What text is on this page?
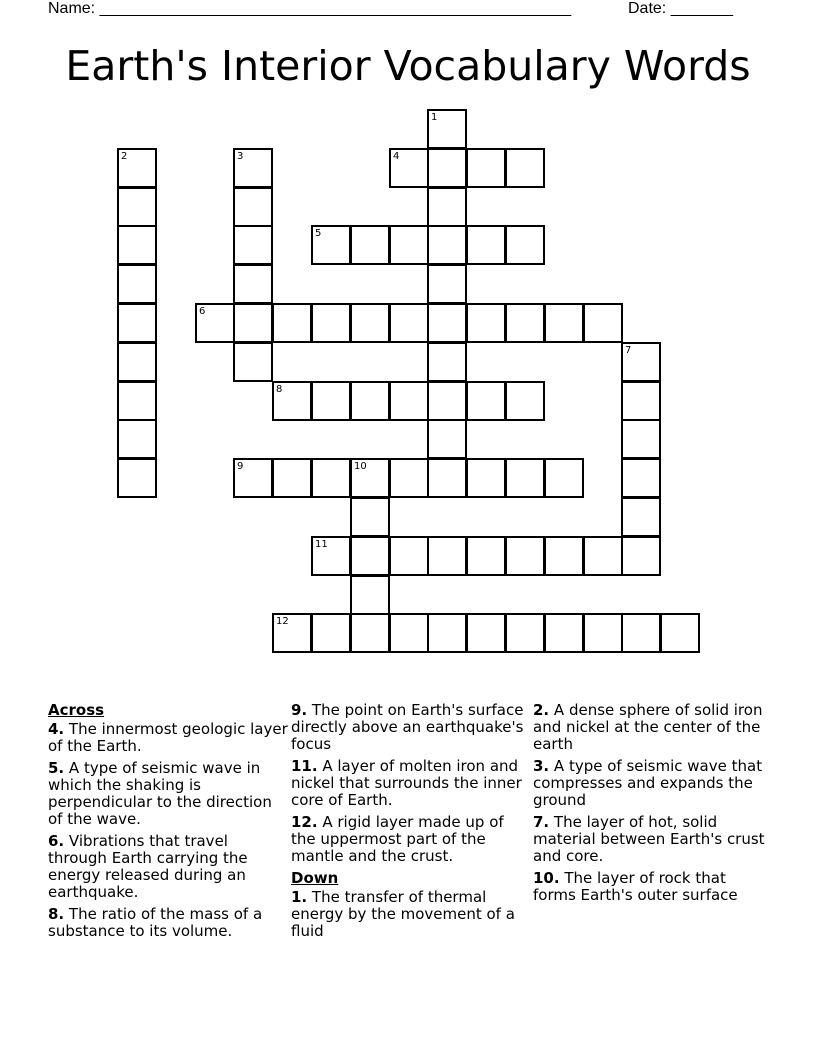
Name: _____________________________________________________	Date: _______
Earth's Interior Vocabulary Words
1
2	3	4
5
6
7
8
9	10
11
12
Across
4. The innermost geologic layer of the Earth.
5. A type of seismic wave in which the shaking is perpendicular to the direction of the wave.
6. Vibrations that travel through Earth carrying the energy released during an earthquake.
8. The ratio of the mass of a substance to its volume.
9. The point on Earth's surface directly above an earthquake's focus
11. A layer of molten iron and nickel that surrounds the inner core of Earth.
12. A rigid layer made up of the uppermost part of the mantle and the crust.
Down
1. The transfer of thermal energy by the movement of a fluid
2. A dense sphere of solid iron and nickel at the center of the earth
3. A type of seismic wave that compresses and expands the ground
7. The layer of hot, solid material between Earth's crust and core.
10. The layer of rock that forms Earth's outer surface
